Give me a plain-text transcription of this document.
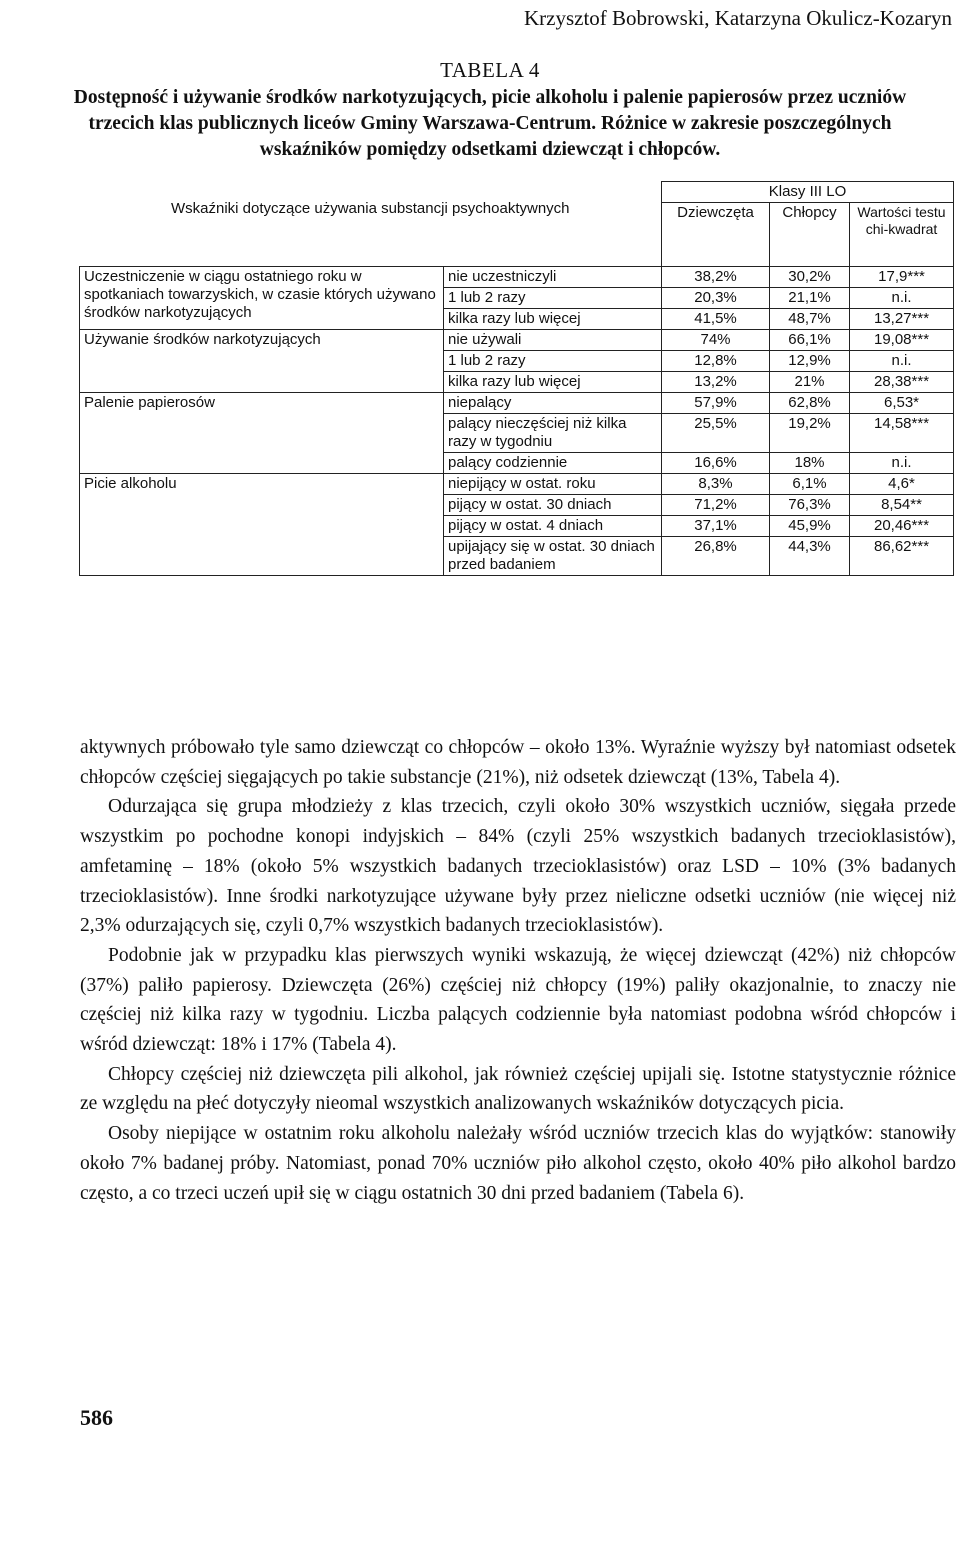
Krzysztof Bobrowski, Katarzyna Okulicz-Kozaryn
TABELA 4
Dostępność i używanie środków narkotyzujących, picie alkoholu i palenie papierosów przez uczniów trzecich klas publicznych liceów Gminy Warszawa-Centrum. Różnice w zakresie poszczególnych wskaźników pomiędzy odsetkami dziewcząt i chłopców.
Wskaźniki dotyczące używania substancji psychoaktywnych		Klasy III LO		
		Dziewczęta	Chłopcy	Wartości testu chi-kwadrat
Uczestniczenie w ciągu ostatniego roku w spotkaniach towarzyskich, w czasie których używano środków narkotyzujących	nie uczestniczyli	38,2%	30,2%	17,9***
	1 lub 2 razy	20,3%	21,1%	n.i.
	kilka razy lub więcej	41,5%	48,7%	13,27***
Używanie środków narkotyzujących	nie używali	74%	66,1%	19,08***
	1 lub 2 razy	12,8%	12,9%	n.i.
	kilka razy lub więcej	13,2%	21%	28,38***
Palenie papierosów	niepalący	57,9%	62,8%	6,53*
	palący nieczęściej niż kilka razy w tygodniu	25,5%	19,2%	14,58***
	palący codziennie	16,6%	18%	n.i.
Picie alkoholu	niepijący w ostat. roku	8,3%	6,1%	4,6*
	pijący w ostat. 30 dniach	71,2%	76,3%	8,54**
	pijący w ostat. 4 dniach	37,1%	45,9%	20,46***
	upijający się w ostat. 30 dniach przed badaniem	26,8%	44,3%	86,62***

aktywnych próbowało tyle samo dziewcząt co chłopców – około 13%. Wyraźnie wyższy był natomiast odsetek chłopców częściej sięgających po takie substancje (21%), niż odsetek dziewcząt (13%, Tabela 4).

Odurzająca się grupa młodzieży z klas trzecich, czyli około 30% wszystkich uczniów, sięgała przede wszystkim po pochodne konopi indyjskich – 84% (czyli 25% wszystkich badanych trzecioklasistów), amfetaminę – 18% (około 5% wszystkich badanych trzecioklasistów) oraz LSD – 10% (3% badanych trzecioklasistów). Inne środki narkotyzujące używane były przez nieliczne odsetki uczniów (nie więcej niż 2,3% odurzających się, czyli 0,7% wszystkich badanych trzecioklasistów).

Podobnie jak w przypadku klas pierwszych wyniki wskazują, że więcej dziewcząt (42%) niż chłopców (37%) paliło papierosy. Dziewczęta (26%) częściej niż chłopcy (19%) paliły okazjonalnie, to znaczy nie częściej niż kilka razy w tygodniu. Liczba palących codziennie była natomiast podobna wśród chłopców i wśród dziewcząt: 18% i 17% (Tabela 4).

Chłopcy częściej niż dziewczęta pili alkohol, jak również częściej upijali się. Istotne statystycznie różnice ze względu na płeć dotyczyły nieomal wszystkich analizowanych wskaźników dotyczących picia.

Osoby niepijące w ostatnim roku alkoholu należały wśród uczniów trzecich klas do wyjątków: stanowiły około 7% badanej próby. Natomiast, ponad 70% uczniów piło alkohol często, około 40% piło alkohol bardzo często, a co trzeci uczeń upił się w ciągu ostatnich 30 dni przed badaniem (Tabela 6).

586
